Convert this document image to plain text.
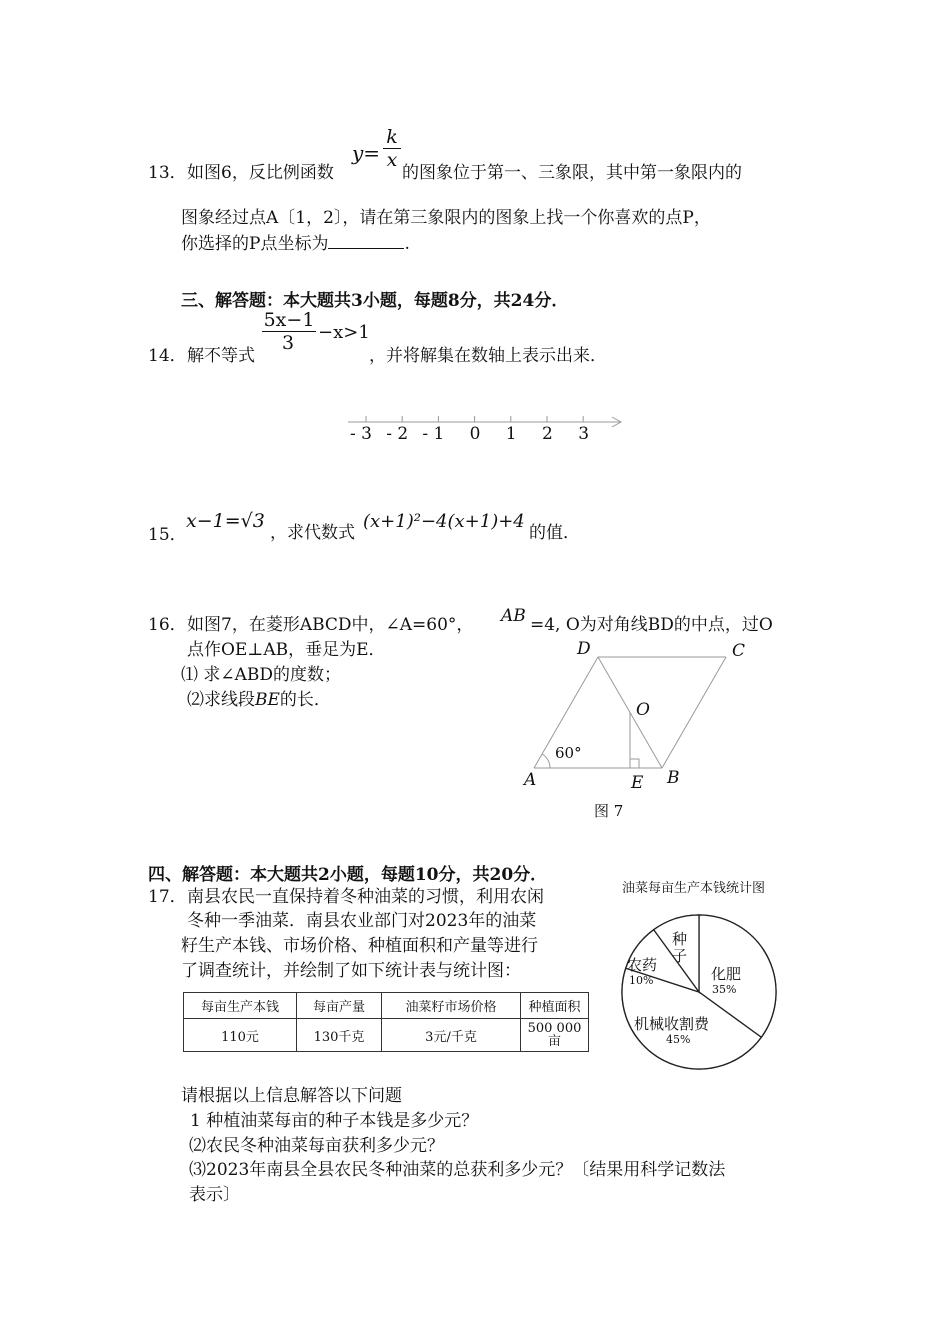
13． 如图6，反比例函数
$y= \frac{k}{x}$
的图象位于第一、三象限，其中第一象限内的
图象经过点A〔1，2〕，请在第三象限内的图象上找一个你喜欢的点P，
你选择的P点坐标为	.
三、解答题：本大题共3小题，每题8分，共24分．
14． 解不等式
$\frac{5x-1}{3} -x>1$
，并将解集在数轴上表示出来．
- 3 - 2 - 1 0 1 2 3
15．
x−1=√3
，求代数式
(x+1)²−4(x+1)+4
的值．
16． 如图7，在菱形ABCD中，∠A=60°， AB =4, O为对角线BD的中点，过O
点作OE⊥AB，垂足为E．
⑴ 求∠ABD的度数；
⑵求线段BE的长．
D	C
O
60°
A	E B
图 7
四、解答题：本大题共2小题，每题10分，共20分．
17． 南县农民一直保持着冬种油菜的习惯，利用农闲
冬种一季油菜．南县农业部门对2023年的油菜
籽生产本钱、市场价格、种植面积和产量等进行
了调查统计，并绘制了如下统计表与统计图：
每亩生产本钱	每亩产量	油菜籽市场价格	种植面积
110元	130千克	3元/千克	500 000
亩
油菜每亩生产本钱统计图
化肥
35%
机械收割费
45%
农药
10%
种子
请根据以上信息解答以下问题
1 种植油菜每亩的种子本钱是多少元？
⑵农民冬种油菜每亩获利多少元？
⑶2023年南县全县农民冬种油菜的总获利多少元？〔结果用科学记数法
表示〕
